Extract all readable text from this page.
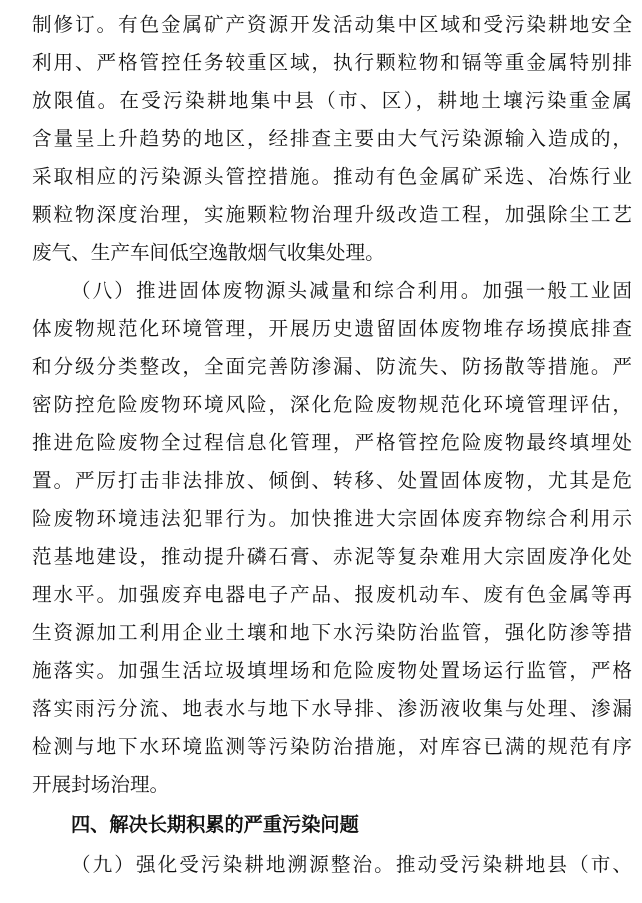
制修订。有色金属矿产资源开发活动集中区域和受污染耕地安全
利用、严格管控任务较重区域，执行颗粒物和镉等重金属特别排
放限值。在受污染耕地集中县（市、区），耕地土壤污染重金属
含量呈上升趋势的地区，经排查主要由大气污染源输入造成的，
采取相应的污染源头管控措施。推动有色金属矿采选、冶炼行业
颗粒物深度治理，实施颗粒物治理升级改造工程，加强除尘工艺
废气、生产车间低空逸散烟气收集处理。
（八）推进固体废物源头减量和综合利用。加强一般工业固
体废物规范化环境管理，开展历史遗留固体废物堆存场摸底排查
和分级分类整改，全面完善防渗漏、防流失、防扬散等措施。严
密防控危险废物环境风险，深化危险废物规范化环境管理评估，
推进危险废物全过程信息化管理，严格管控危险废物最终填埋处
置。严厉打击非法排放、倾倒、转移、处置固体废物，尤其是危
险废物环境违法犯罪行为。加快推进大宗固体废弃物综合利用示
范基地建设，推动提升磷石膏、赤泥等复杂难用大宗固废净化处
理水平。加强废弃电器电子产品、报废机动车、废有色金属等再
生资源加工利用企业土壤和地下水污染防治监管，强化防渗等措
施落实。加强生活垃圾填埋场和危险废物处置场运行监管，严格
落实雨污分流、地表水与地下水导排、渗沥液收集与处理、渗漏
检测与地下水环境监测等污染防治措施，对库容已满的规范有序
开展封场治理。
四、解决长期积累的严重污染问题
（九）强化受污染耕地溯源整治。推动受污染耕地县（市、
